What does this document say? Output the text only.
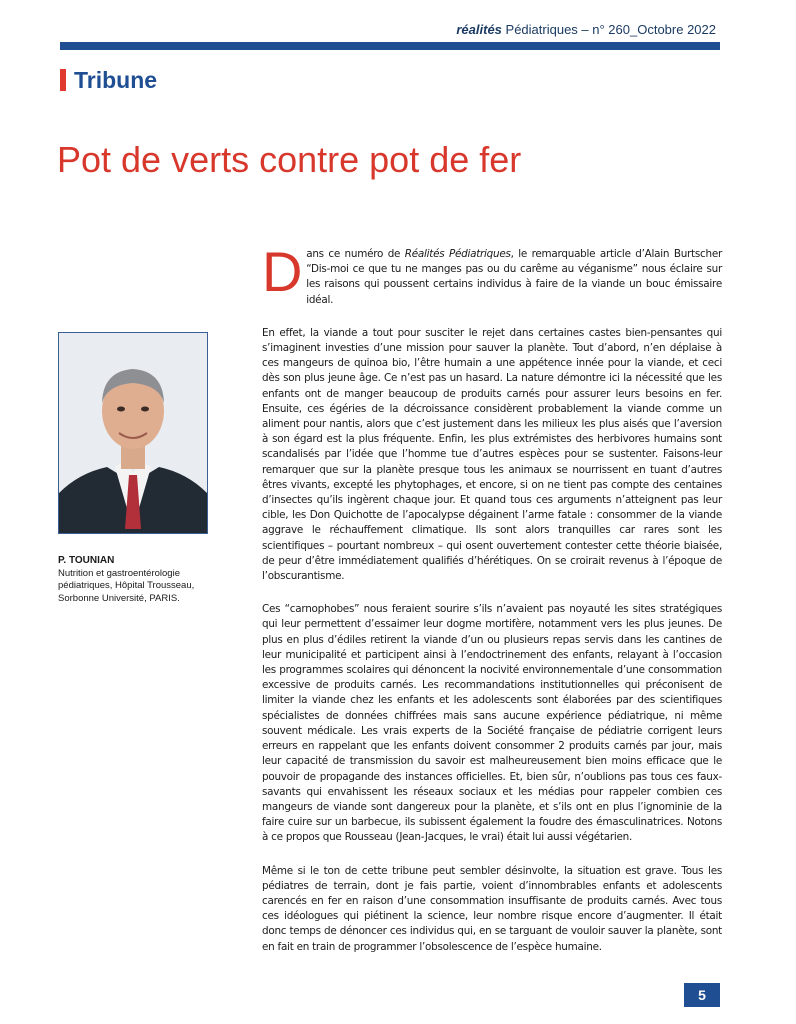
réalités Pédiatriques – n° 260_Octobre 2022
Tribune
Pot de verts contre pot de fer
P. TOUNIAN
Nutrition et gastroentérologie pédiatriques, Hôpital Trousseau,
Sorbonne Université, PARIS.

Dans ce numéro de Réalités Pédiatriques, le remarquable article d’Alain Burtscher “Dis-moi ce que tu ne manges pas ou du carême au véganisme” nous éclaire sur les raisons qui poussent certains individus à faire de la viande un bouc émissaire idéal.

En effet, la viande a tout pour susciter le rejet dans certaines castes bien-pensantes qui s’imaginent investies d’une mission pour sauver la planète. Tout d’abord, n’en déplaise à ces mangeurs de quinoa bio, l’être humain a une appétence innée pour la viande, et ceci dès son plus jeune âge. Ce n’est pas un hasard. La nature démontre ici la nécessité que les enfants ont de manger beaucoup de produits carnés pour assurer leurs besoins en fer. Ensuite, ces égéries de la décroissance considèrent probablement la viande comme un aliment pour nantis, alors que c’est justement dans les milieux les plus aisés que l’aversion à son égard est la plus fréquente. Enfin, les plus extrémistes des herbivores humains sont scandalisés par l’idée que l’homme tue d’autres espèces pour se sustenter. Faisons-leur remarquer que sur la planète presque tous les animaux se nourrissent en tuant d’autres êtres vivants, excepté les phytophages, et encore, si on ne tient pas compte des centaines d’insectes qu’ils ingèrent chaque jour. Et quand tous ces arguments n’atteignent pas leur cible, les Don Quichotte de l’apocalypse dégainent l’arme fatale : consommer de la viande aggrave le réchauffement climatique. Ils sont alors tranquilles car rares sont les scientifiques – pourtant nombreux – qui osent ouvertement contester cette théorie biaisée, de peur d’être immédiatement qualifiés d’hérétiques. On se croirait revenus à l’époque de l’obscurantisme.

Ces “carnophobes” nous feraient sourire s’ils n’avaient pas noyauté les sites stratégiques qui leur permettent d’essaimer leur dogme mortifère, notamment vers les plus jeunes. De plus en plus d’édiles retirent la viande d’un ou plusieurs repas servis dans les cantines de leur municipalité et participent ainsi à l’endoctrinement des enfants, relayant à l’occasion les programmes scolaires qui dénoncent la nocivité environnementale d’une consommation excessive de produits carnés. Les recommandations institutionnelles qui préconisent de limiter la viande chez les enfants et les adolescents sont élaborées par des scientifiques spécialistes de données chiffrées mais sans aucune expérience pédiatrique, ni même souvent médicale. Les vrais experts de la Société française de pédiatrie corrigent leurs erreurs en rappelant que les enfants doivent consommer 2 produits carnés par jour, mais leur capacité de transmission du savoir est malheureusement bien moins efficace que le pouvoir de propagande des instances officielles. Et, bien sûr, n’oublions pas tous ces faux-savants qui envahissent les réseaux sociaux et les médias pour rappeler combien ces mangeurs de viande sont dangereux pour la planète, et s’ils ont en plus l’ignominie de la faire cuire sur un barbecue, ils subissent également la foudre des émasculinatrices. Notons à ce propos que Rousseau (Jean-Jacques, le vrai) était lui aussi végétarien.

Même si le ton de cette tribune peut sembler désinvolte, la situation est grave. Tous les pédiatres de terrain, dont je fais partie, voient d’innombrables enfants et adolescents carencés en fer en raison d’une consommation insuffisante de produits carnés. Avec tous ces idéologues qui piétinent la science, leur nombre risque encore d’augmenter. Il était donc temps de dénoncer ces individus qui, en se targuant de vouloir sauver la planète, sont en fait en train de programmer l’obsolescence de l’espèce humaine.

5
